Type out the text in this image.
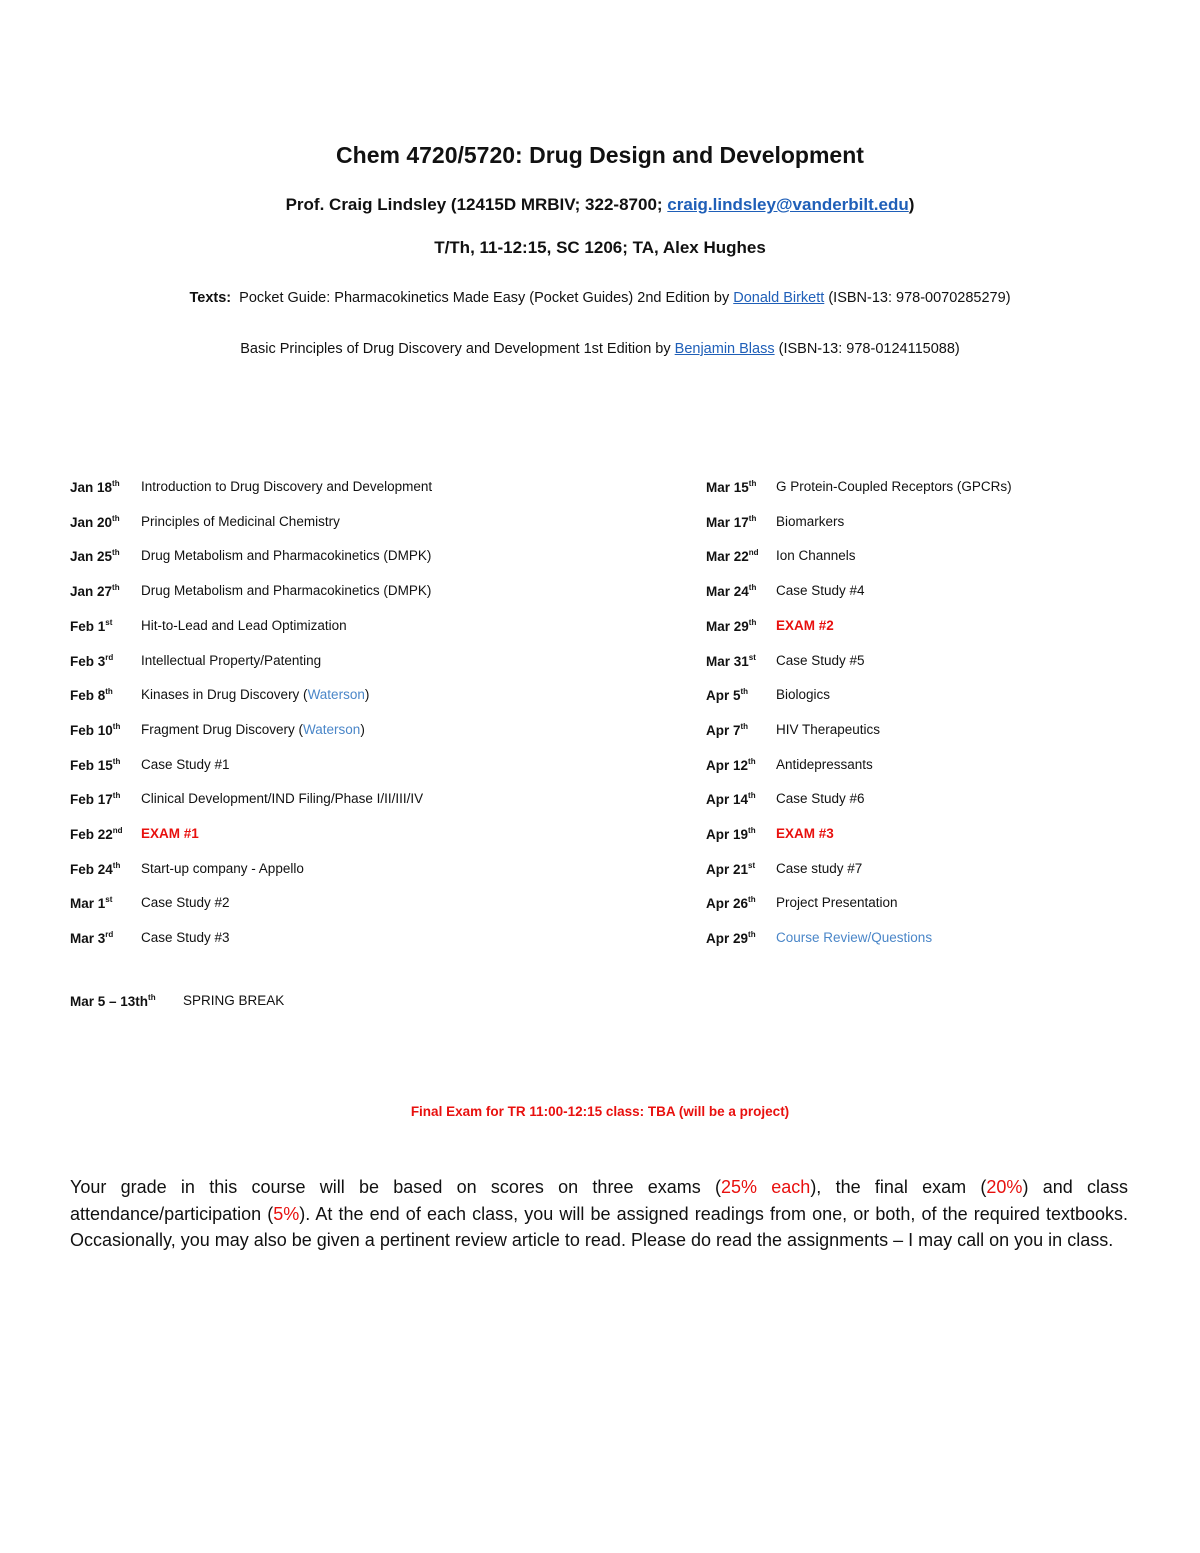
Chem 4720/5720: Drug Design and Development
Prof. Craig Lindsley (12415D MRBIV; 322-8700; craig.lindsley@vanderbilt.edu)
T/Th, 11-12:15, SC 1206; TA, Alex Hughes
Texts: Pocket Guide: Pharmacokinetics Made Easy (Pocket Guides) 2nd Edition by Donald Birkett (ISBN-13: 978-0070285279)
Basic Principles of Drug Discovery and Development 1st Edition by Benjamin Blass (ISBN-13: 978-0124115088)
Jan 18th Introduction to Drug Discovery and Development
Jan 20th Principles of Medicinal Chemistry
Jan 25th Drug Metabolism and Pharmacokinetics (DMPK)
Jan 27th Drug Metabolism and Pharmacokinetics (DMPK)
Feb 1st Hit-to-Lead and Lead Optimization
Feb 3rd Intellectual Property/Patenting
Feb 8th Kinases in Drug Discovery (Waterson)
Feb 10th Fragment Drug Discovery (Waterson)
Feb 15th Case Study #1
Feb 17th Clinical Development/IND Filing/Phase I/II/III/IV
Feb 22nd EXAM #1
Feb 24th Start-up company - Appello
Mar 1st Case Study #2
Mar 3rd Case Study #3
Mar 15th G Protein-Coupled Receptors (GPCRs)
Mar 17th Biomarkers
Mar 22nd Ion Channels
Mar 24th Case Study #4
Mar 29th EXAM #2
Mar 31st Case Study #5
Apr 5th Biologics
Apr 7th HIV Therapeutics
Apr 12th Antidepressants
Apr 14th Case Study #6
Apr 19th EXAM #3
Apr 21st Case study #7
Apr 26th Project Presentation
Apr 29th Course Review/Questions
Mar $5 - 13th^{th}$ SPRING BREAK
Final Exam for TR 11:00-12:15 class: TBA (will be a project)
Your grade in this course will be based on scores on three exams (25% each), the final exam (20%) and class attendance/participation (5%). At the end of each class, you will be assigned readings from one, or both, of the required textbooks. Occasionally, you may also be given a pertinent review article to read. Please do read the assignments – I may call on you in class.
